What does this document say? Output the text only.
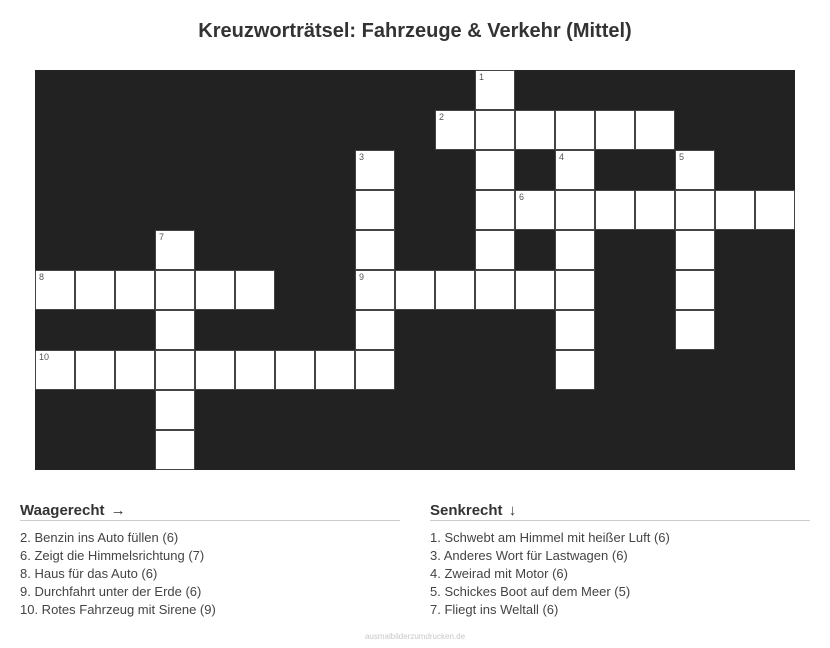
Kreuzworträtsel: Fahrzeuge & Verkehr (Mittel)
1
2
3	4	5
6
7
8	9
10
Waagerecht →
2. Benzin ins Auto füllen (6)
6. Zeigt die Himmelsrichtung (7)
8. Haus für das Auto (6)
9. Durchfahrt unter der Erde (6)
10. Rotes Fahrzeug mit Sirene (9)
Senkrecht ↓
1. Schwebt am Himmel mit heißer Luft (6)
3. Anderes Wort für Lastwagen (6)
4. Zweirad mit Motor (6)
5. Schickes Boot auf dem Meer (5)
7. Fliegt ins Weltall (6)
ausmalbilderzumdrucken.de
